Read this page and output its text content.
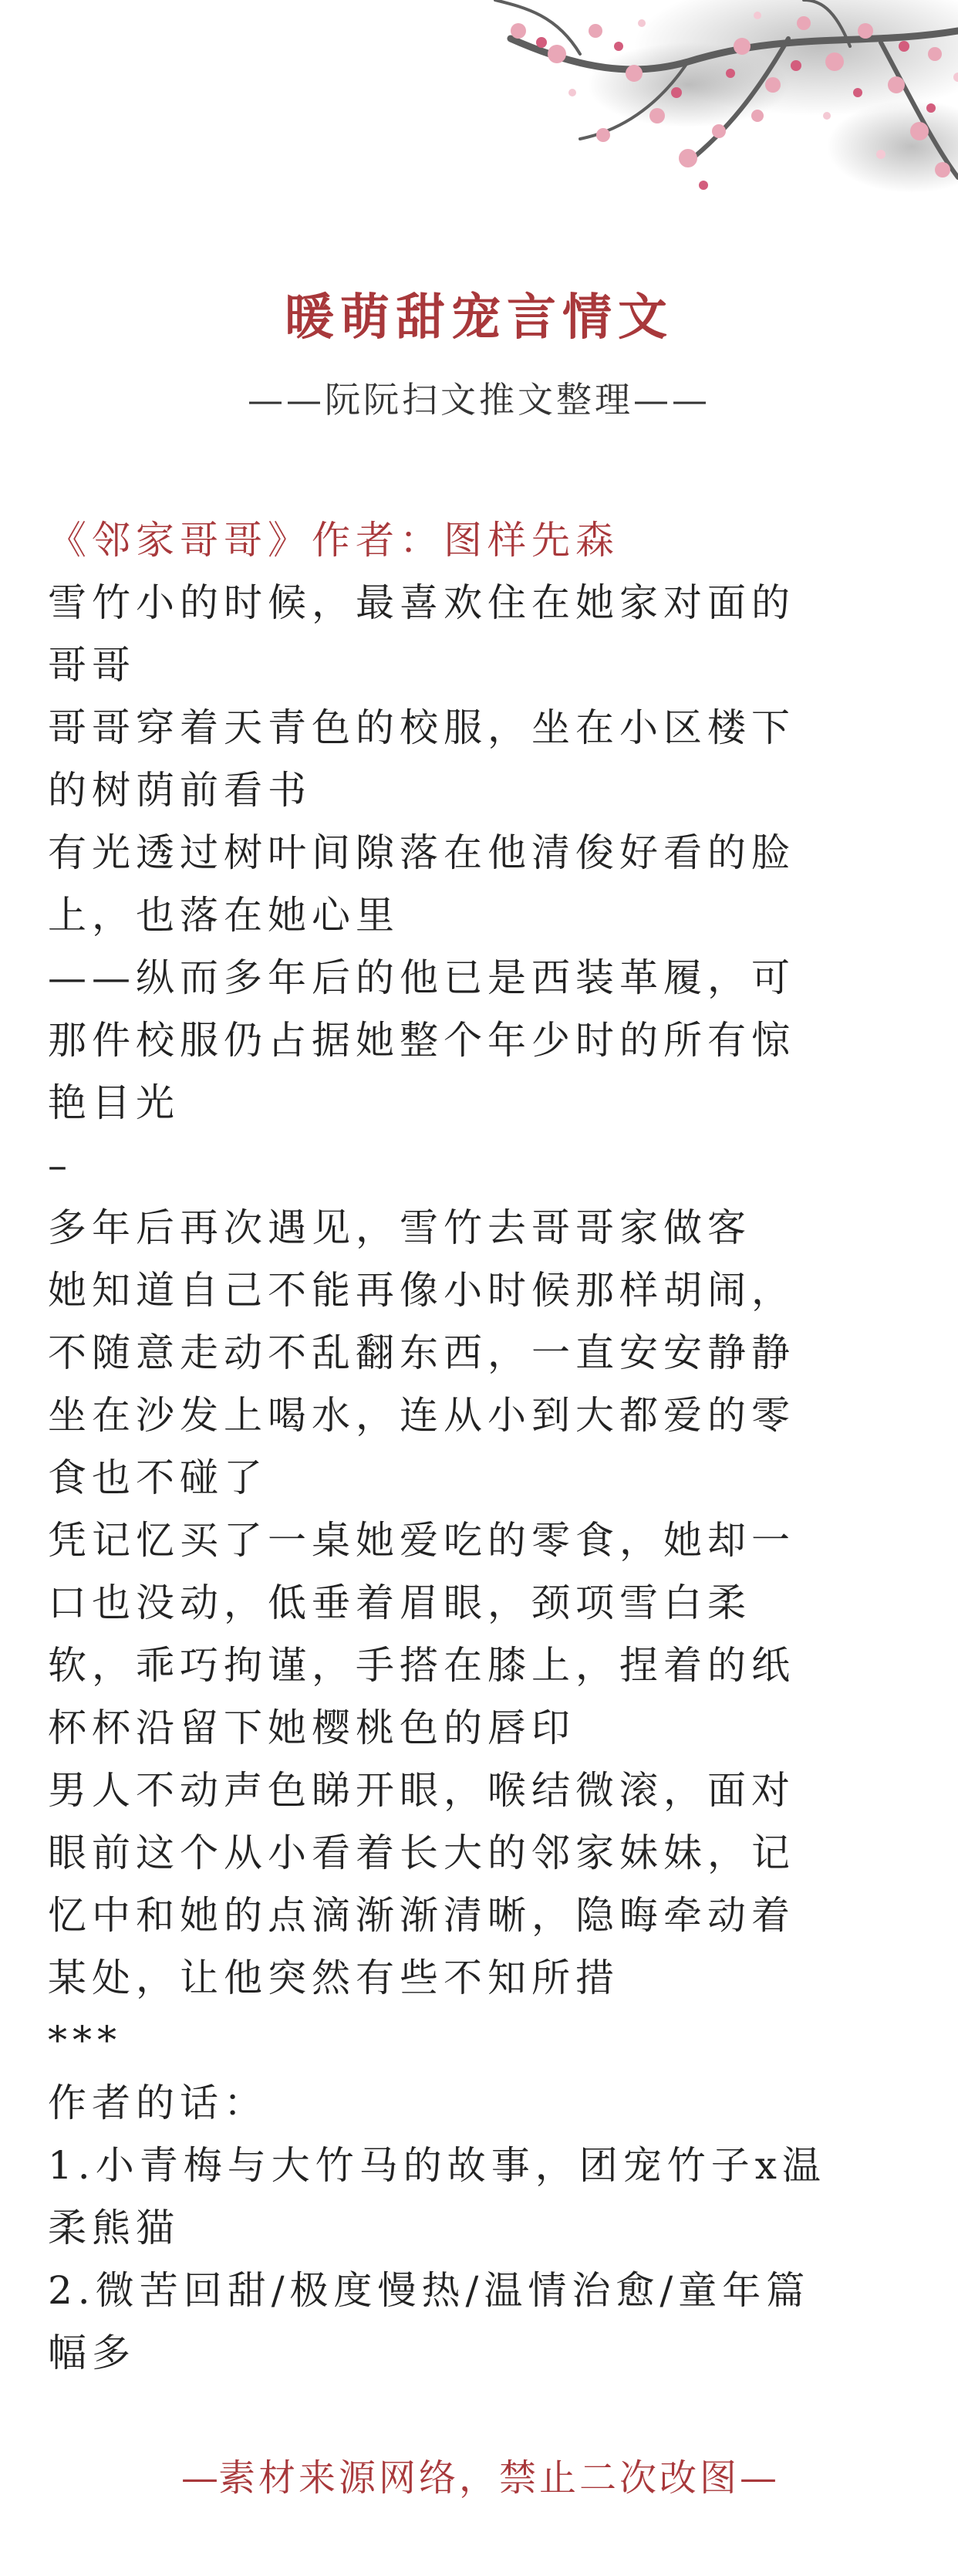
暖萌甜宠言情文
——阮阮扫文推文整理——
《邻家哥哥》作者：图样先森
雪竹小的时候，最喜欢住在她家对面的
哥哥
哥哥穿着天青色的校服，坐在小区楼下
的树荫前看书
有光透过树叶间隙落在他清俊好看的脸
上，也落在她心里
——纵而多年后的他已是西装革履，可
那件校服仍占据她整个年少时的所有惊
艳目光
–
多年后再次遇见，雪竹去哥哥家做客
她知道自己不能再像小时候那样胡闹，
不随意走动不乱翻东西，一直安安静静
坐在沙发上喝水，连从小到大都爱的零
食也不碰了
凭记忆买了一桌她爱吃的零食，她却一
口也没动，低垂着眉眼，颈项雪白柔
软，乖巧拘谨，手搭在膝上，捏着的纸
杯杯沿留下她樱桃色的唇印
男人不动声色睇开眼，喉结微滚，面对
眼前这个从小看着长大的邻家妹妹，记
忆中和她的点滴渐渐清晰，隐晦牵动着
某处，让他突然有些不知所措
***
作者的话：
1.小青梅与大竹马的故事，团宠竹子x温
柔熊猫
2.微苦回甜/极度慢热/温情治愈/童年篇
幅多
—素材来源网络，禁止二次改图—
